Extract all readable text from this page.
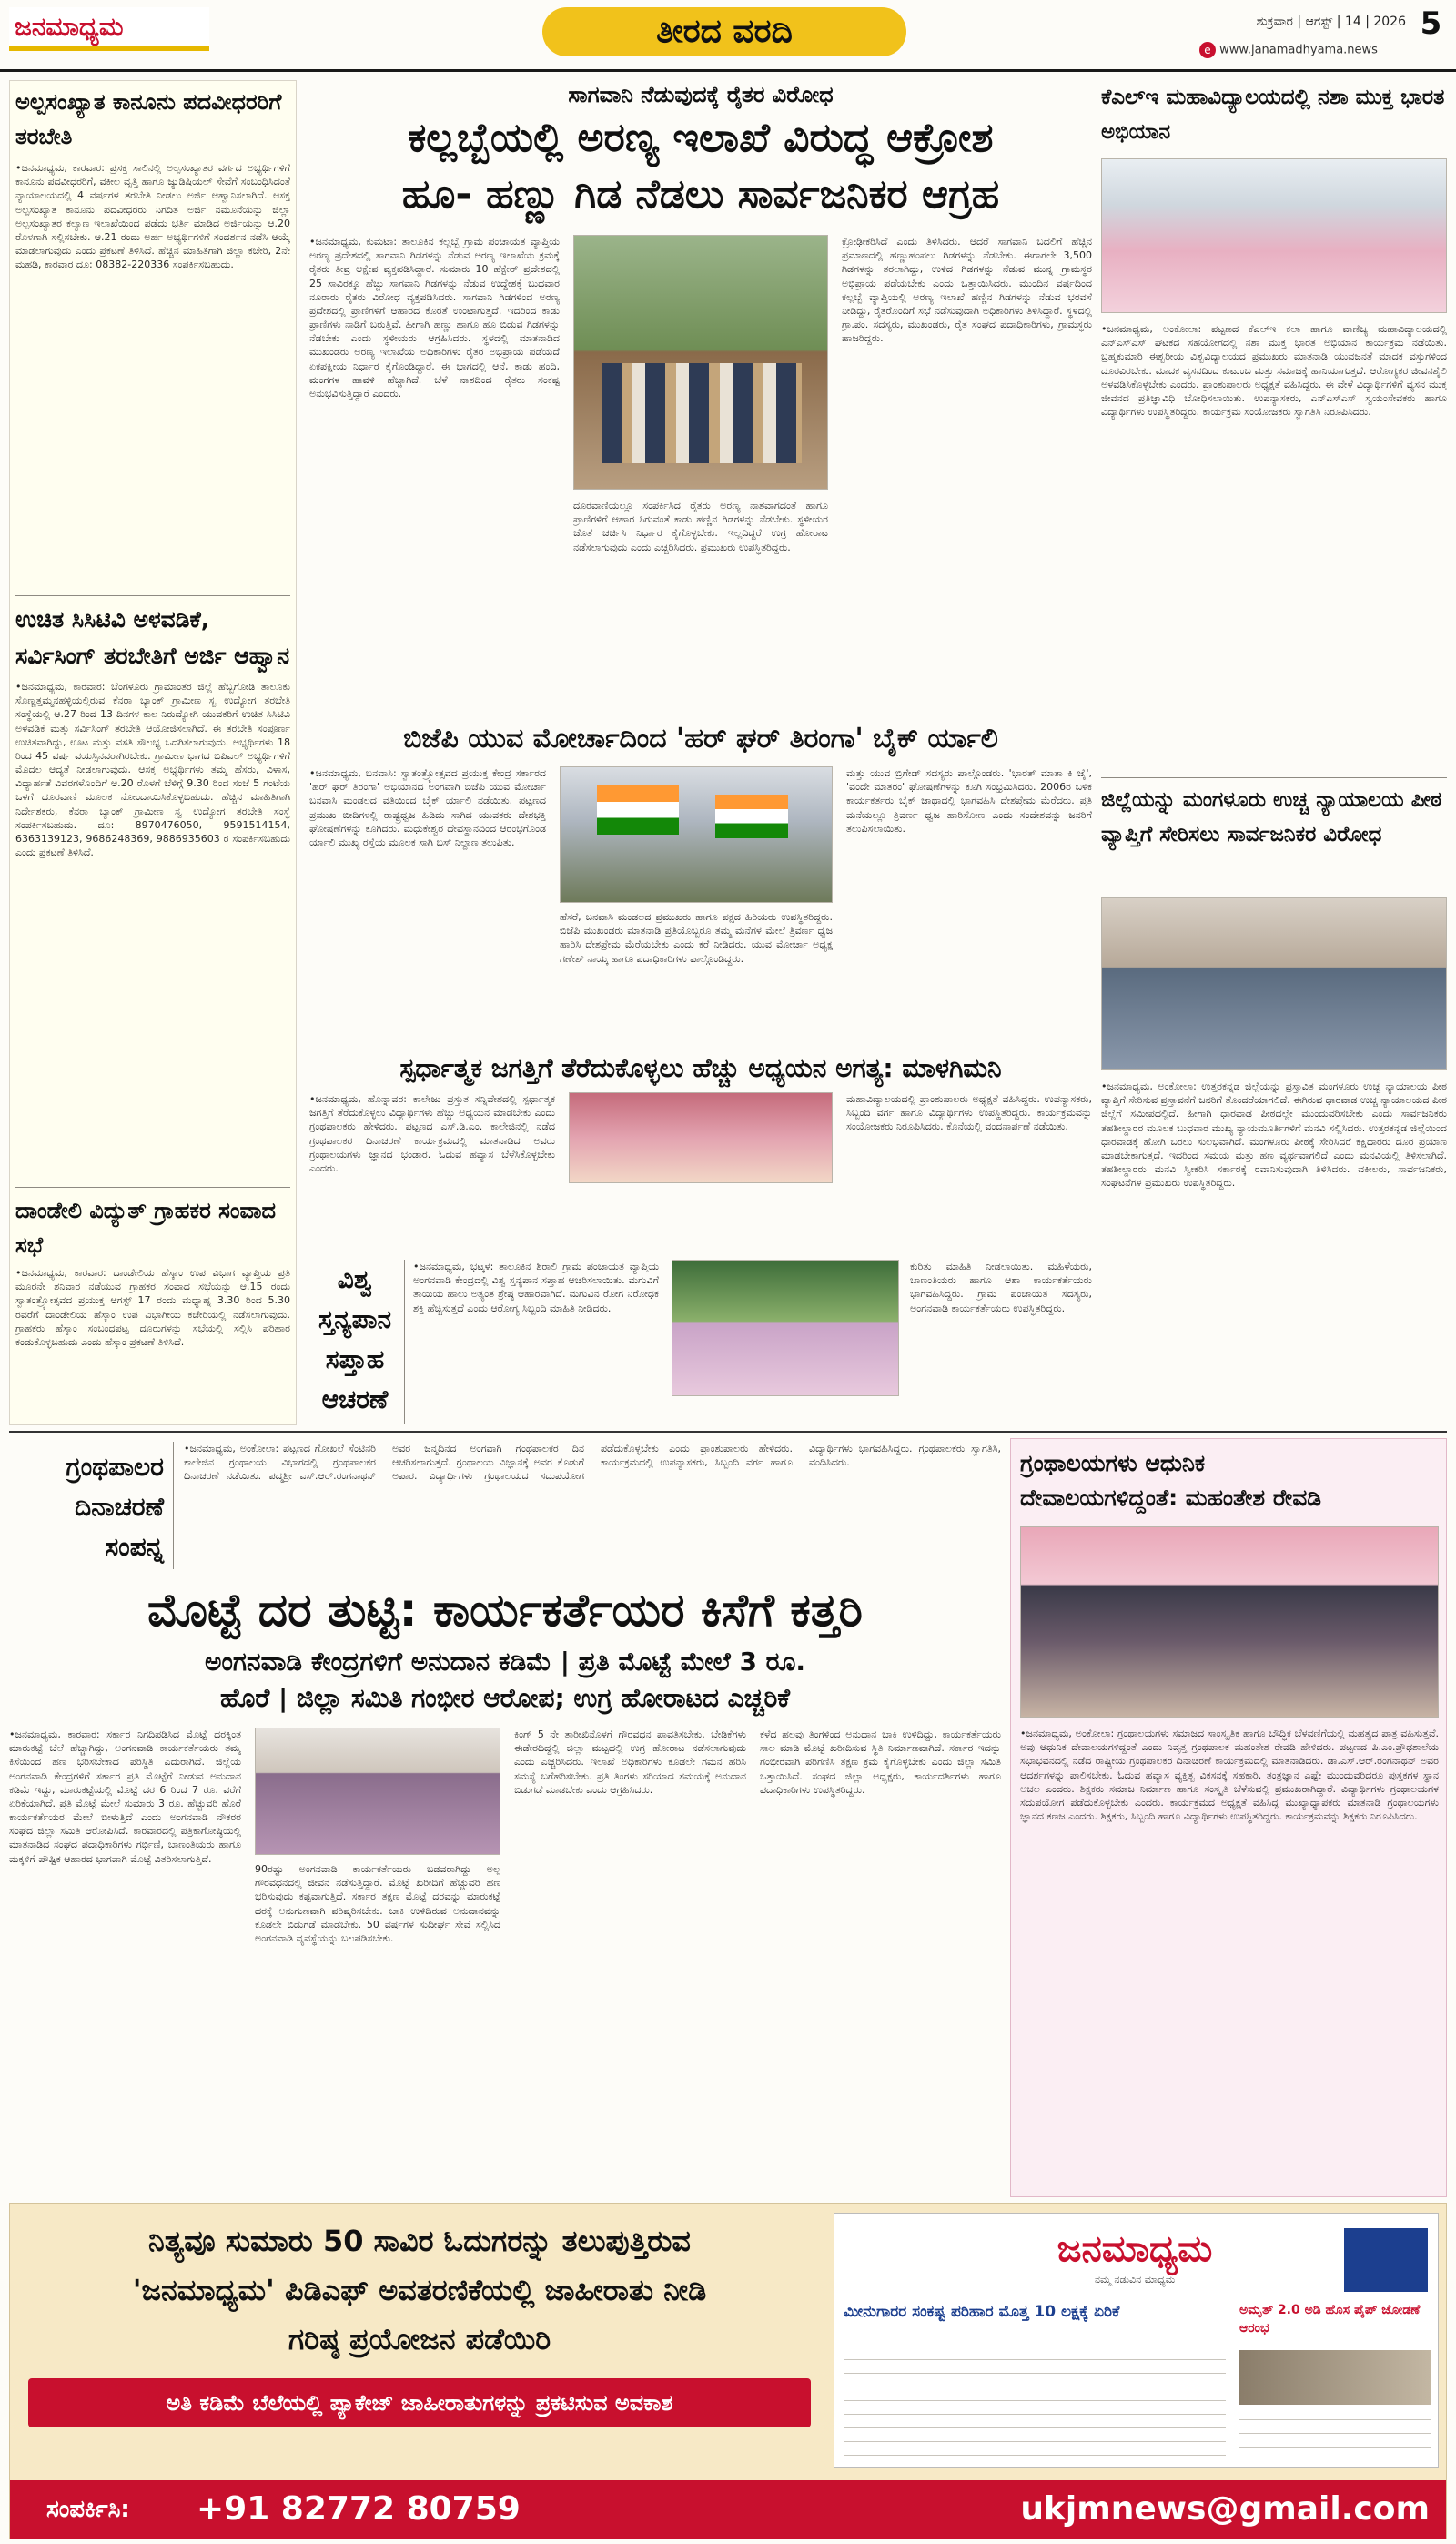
ಜನಮಾಧ್ಯಮ	ತೀರದ ವರದಿ	ಶುಕ್ರವಾರ | ಆಗಸ್ಟ್ | 14 | 2026 5
e www.janamadhyama.news
ಅಲ್ಪಸಂಖ್ಯಾತ ಕಾನೂನು ಪದವೀಧರರಿಗೆ ತರಬೇತಿ
•ಜನಮಾಧ್ಯಮ, ಕಾರವಾರ: ಪ್ರಸಕ್ತ ಸಾಲಿನಲ್ಲಿ ಅಲ್ಪಸಂಖ್ಯಾತರ ವರ್ಗದ ಅಭ್ಯರ್ಥಿಗಳಿಗೆ ಕಾನೂನು ಪದವೀಧರರಿಗೆ, ವಕೀಲ ವೃತ್ತಿ ಹಾಗೂ ಜ್ಯುಡಿಷಿಯಲ್ ಸೇವೆಗೆ ಸಂಬಂಧಿಸಿದಂತೆ ನ್ಯಾಯಾಲಯದಲ್ಲಿ 4 ವರ್ಷಗಳ ತರಬೇತಿ ನೀಡಲು ಅರ್ಜಿ ಆಹ್ವಾನಿಸಲಾಗಿದೆ. ಆಸಕ್ತ ಅಲ್ಪಸಂಖ್ಯಾತ ಕಾನೂನು ಪದವೀಧರರು ನಿಗದಿತ ಅರ್ಜಿ ನಮೂನೆಯನ್ನು ಜಿಲ್ಲಾ ಅಲ್ಪಸಂಖ್ಯಾತರ ಕಲ್ಯಾಣ ಇಲಾಖೆಯಿಂದ ಪಡೆದು ಭರ್ತಿ ಮಾಡಿದ ಅರ್ಜಿಯನ್ನು ಆ.20 ರೊಳಗಾಗಿ ಸಲ್ಲಿಸಬೇಕು. ಆ.21 ರಂದು ಅರ್ಹ ಅಭ್ಯರ್ಥಿಗಳಿಗೆ ಸಂದರ್ಶನ ನಡೆಸಿ ಆಯ್ಕೆ ಮಾಡಲಾಗುವುದು ಎಂದು ಪ್ರಕಟಣೆ ತಿಳಿಸಿದೆ. ಹೆಚ್ಚಿನ ಮಾಹಿತಿಗಾಗಿ ಜಿಲ್ಲಾ ಕಚೇರಿ, 2ನೇ ಮಹಡಿ, ಕಾರವಾರ ದೂ: 08382-220336 ಸಂಪರ್ಕಿಸಬಹುದು.
ಉಚಿತ ಸಿಸಿಟಿವಿ ಅಳವಡಿಕೆ, ಸರ್ವಿಸಿಂಗ್ ತರಬೇತಿಗೆ ಅರ್ಜಿ ಆಹ್ವಾನ
•ಜನಮಾಧ್ಯಮ, ಕಾರವಾರ: ಬೆಂಗಳೂರು ಗ್ರಾಮಾಂತರ ಜಿಲ್ಲೆ ಹೆಬ್ಬಗೋಡಿ ತಾಲೂಕು ಸೊಣ್ಣತ್ತಮ್ಮನಹಳ್ಳಿಯಲ್ಲಿರುವ ಕೆನರಾ ಬ್ಯಾಂಕ್ ಗ್ರಾಮೀಣ ಸ್ವ ಉದ್ಯೋಗ ತರಬೇತಿ ಸಂಸ್ಥೆಯಲ್ಲಿ ಆ.27 ರಿಂದ 13 ದಿನಗಳ ಕಾಲ ನಿರುದ್ಯೋಗಿ ಯುವಕರಿಗೆ ಉಚಿತ ಸಿಸಿಟಿವಿ ಅಳವಡಿಕೆ ಮತ್ತು ಸರ್ವಿಸಿಂಗ್ ತರಬೇತಿ ಆಯೋಜಿಸಲಾಗಿದೆ. ಈ ತರಬೇತಿ ಸಂಪೂರ್ಣ ಉಚಿತವಾಗಿದ್ದು, ಊಟ ಮತ್ತು ವಸತಿ ಸೌಲಭ್ಯ ಒದಗಿಸಲಾಗುವುದು. ಅಭ್ಯರ್ಥಿಗಳು 18 ರಿಂದ 45 ವರ್ಷ ವಯಸ್ಸಿನವರಾಗಿರಬೇಕು. ಗ್ರಾಮೀಣ ಭಾಗದ ಬಿಪಿಎಲ್ ಅಭ್ಯರ್ಥಿಗಳಿಗೆ ಮೊದಲ ಆದ್ಯತೆ ನೀಡಲಾಗುವುದು. ಆಸಕ್ತ ಅಭ್ಯರ್ಥಿಗಳು ತಮ್ಮ ಹೆಸರು, ವಿಳಾಸ, ವಿದ್ಯಾರ್ಹತೆ ವಿವರಗಳೊಂದಿಗೆ ಆ.20 ರೊಳಗೆ ಬೆಳಿಗ್ಗೆ 9.30 ರಿಂದ ಸಂಜೆ 5 ಗಂಟೆಯ ಒಳಗೆ ದೂರವಾಣಿ ಮೂಲಕ ನೋಂದಾಯಿಸಿಕೊಳ್ಳಬಹುದು. ಹೆಚ್ಚಿನ ಮಾಹಿತಿಗಾಗಿ ನಿರ್ದೇಶಕರು, ಕೆನರಾ ಬ್ಯಾಂಕ್ ಗ್ರಾಮೀಣ ಸ್ವ ಉದ್ಯೋಗ ತರಬೇತಿ ಸಂಸ್ಥೆ ಸಂಪರ್ಕಿಸಬಹುದು. ದೂ: 8970476050, 9591514154, 6363139123, 9686248369, 9886935603 ರ ಸಂಪರ್ಕಿಸಬಹುದು ಎಂದು ಪ್ರಕಟಣೆ ತಿಳಿಸಿದೆ.
ದಾಂಡೇಲಿ ವಿದ್ಯುತ್ ಗ್ರಾಹಕರ ಸಂವಾದ ಸಭೆ
•ಜನಮಾಧ್ಯಮ, ಕಾರವಾರ: ದಾಂಡೇಲಿಯ ಹೆಸ್ಕಾಂ ಉಪ ವಿಭಾಗ ವ್ಯಾಪ್ತಿಯ ಪ್ರತಿ ಮೂರನೇ ಶನಿವಾರ ನಡೆಯುವ ಗ್ರಾಹಕರ ಸಂವಾದ ಸಭೆಯನ್ನು ಆ.15 ರಂದು ಸ್ವಾತಂತ್ರ್ಯೋತ್ಸವದ ಪ್ರಯುಕ್ತ ಆಗಸ್ಟ್ 17 ರಂದು ಮಧ್ಯಾಹ್ನ 3.30 ರಿಂದ 5.30 ರವರೆಗೆ ದಾಂಡೇಲಿಯ ಹೆಸ್ಕಾಂ ಉಪ ವಿಭಾಗೀಯ ಕಚೇರಿಯಲ್ಲಿ ನಡೆಸಲಾಗುವುದು. ಗ್ರಾಹಕರು ಹೆಸ್ಕಾಂ ಸಂಬಂಧಪಟ್ಟ ದೂರುಗಳನ್ನು ಸಭೆಯಲ್ಲಿ ಸಲ್ಲಿಸಿ ಪರಿಹಾರ ಕಂಡುಕೊಳ್ಳಬಹುದು ಎಂದು ಹೆಸ್ಕಾಂ ಪ್ರಕಟಣೆ ತಿಳಿಸಿದೆ.
ಸಾಗವಾನಿ ನೆಡುವುದಕ್ಕೆ ರೈತರ ವಿರೋಧ
ಕಲ್ಲಬ್ಬೆಯಲ್ಲಿ ಅರಣ್ಯ ಇಲಾಖೆ ವಿರುದ್ಧ ಆಕ್ರೋಶ
ಹೂ- ಹಣ್ಣು ಗಿಡ ನೆಡಲು ಸಾರ್ವಜನಿಕರ ಆಗ್ರಹ
•ಜನಮಾಧ್ಯಮ, ಕುಮಟಾ: ತಾಲೂಕಿನ ಕಲ್ಲಬ್ಬೆ ಗ್ರಾಮ ಪಂಚಾಯತ ವ್ಯಾಪ್ತಿಯ ಅರಣ್ಯ ಪ್ರದೇಶದಲ್ಲಿ ಸಾಗವಾನಿ ಗಿಡಗಳನ್ನು ನೆಡುವ ಅರಣ್ಯ ಇಲಾಖೆಯ ಕ್ರಮಕ್ಕೆ ರೈತರು ತೀವ್ರ ಆಕ್ಷೇಪ ವ್ಯಕ್ತಪಡಿಸಿದ್ದಾರೆ. ಸುಮಾರು 10 ಹೆಕ್ಟೇರ್ ಪ್ರದೇಶದಲ್ಲಿ 25 ಸಾವಿರಕ್ಕೂ ಹೆಚ್ಚು ಸಾಗವಾನಿ ಗಿಡಗಳನ್ನು ನೆಡುವ ಉದ್ದೇಶಕ್ಕೆ ಬುಧವಾರ ನೂರಾರು ರೈತರು ವಿರೋಧ ವ್ಯಕ್ತಪಡಿಸಿದರು. ಸಾಗವಾನಿ ಗಿಡಗಳಿಂದ ಅರಣ್ಯ ಪ್ರದೇಶದಲ್ಲಿ ಪ್ರಾಣಿಗಳಿಗೆ ಆಹಾರದ ಕೊರತೆ ಉಂಟಾಗುತ್ತದೆ. ಇದರಿಂದ ಕಾಡು ಪ್ರಾಣಿಗಳು ನಾಡಿಗೆ ಬರುತ್ತಿವೆ. ಹೀಗಾಗಿ ಹಣ್ಣು ಹಾಗೂ ಹೂ ಬಿಡುವ ಗಿಡಗಳನ್ನು ನೆಡಬೇಕು ಎಂದು ಸ್ಥಳೀಯರು ಆಗ್ರಹಿಸಿದರು. ಸ್ಥಳದಲ್ಲಿ ಮಾತನಾಡಿದ ಮುಖಂಡರು ಅರಣ್ಯ ಇಲಾಖೆಯ ಅಧಿಕಾರಿಗಳು ರೈತರ ಅಭಿಪ್ರಾಯ ಪಡೆಯದೆ ಏಕಪಕ್ಷೀಯ ನಿರ್ಧಾರ ಕೈಗೊಂಡಿದ್ದಾರೆ. ಈ ಭಾಗದಲ್ಲಿ ಆನೆ, ಕಾಡು ಹಂದಿ, ಮಂಗಗಳ ಹಾವಳಿ ಹೆಚ್ಚಾಗಿದೆ. ಬೆಳೆ ನಾಶದಿಂದ ರೈತರು ಸಂಕಷ್ಟ ಅನುಭವಿಸುತ್ತಿದ್ದಾರೆ ಎಂದರು.
ದೂರವಾಣಿಯಲ್ಲೂ ಸಂಪರ್ಕಿಸಿದ ರೈತರು ಅರಣ್ಯ ನಾಶವಾಗದಂತೆ ಹಾಗೂ ಪ್ರಾಣಿಗಳಿಗೆ ಆಹಾರ ಸಿಗುವಂತೆ ಕಾಡು ಹಣ್ಣಿನ ಗಿಡಗಳನ್ನು ನೆಡಬೇಕು. ಸ್ಥಳೀಯರ ಜೊತೆ ಚರ್ಚಿಸಿ ನಿರ್ಧಾರ ಕೈಗೊಳ್ಳಬೇಕು. ಇಲ್ಲದಿದ್ದರೆ ಉಗ್ರ ಹೋರಾಟ ನಡೆಸಲಾಗುವುದು ಎಂದು ಎಚ್ಚರಿಸಿದರು. ಪ್ರಮುಖರು ಉಪಸ್ಥಿತರಿದ್ದರು.
ಕ್ರೋಢೀಕರಿಸಿದೆ ಎಂದು ತಿಳಿಸಿದರು. ಆದರೆ ಸಾಗವಾನಿ ಬದಲಿಗೆ ಹೆಚ್ಚಿನ ಪ್ರಮಾಣದಲ್ಲಿ ಹಣ್ಣುಹಂಪಲು ಗಿಡಗಳನ್ನು ನೆಡಬೇಕು. ಈಗಾಗಲೇ 3,500 ಗಿಡಗಳನ್ನು ತರಲಾಗಿದ್ದು, ಉಳಿದ ಗಿಡಗಳನ್ನು ನೆಡುವ ಮುನ್ನ ಗ್ರಾಮಸ್ಥರ ಅಭಿಪ್ರಾಯ ಪಡೆಯಬೇಕು ಎಂದು ಒತ್ತಾಯಿಸಿದರು. ಮುಂದಿನ ವರ್ಷದಿಂದ ಕಲ್ಲಬ್ಬೆ ವ್ಯಾಪ್ತಿಯಲ್ಲಿ ಅರಣ್ಯ ಇಲಾಖೆ ಹಣ್ಣಿನ ಗಿಡಗಳನ್ನು ನೆಡುವ ಭರವಸೆ ನೀಡಿದ್ದು, ರೈತರೊಂದಿಗೆ ಸಭೆ ನಡೆಸುವುದಾಗಿ ಅಧಿಕಾರಿಗಳು ತಿಳಿಸಿದ್ದಾರೆ. ಸ್ಥಳದಲ್ಲಿ ಗ್ರಾ.ಪಂ. ಸದಸ್ಯರು, ಮುಖಂಡರು, ರೈತ ಸಂಘದ ಪದಾಧಿಕಾರಿಗಳು, ಗ್ರಾಮಸ್ಥರು ಹಾಜರಿದ್ದರು.
ಬಿಜೆಪಿ ಯುವ ಮೋರ್ಚಾದಿಂದ 'ಹರ್ ಘರ್ ತಿರಂಗಾ' ಬೈಕ್ ರ್ಯಾಲಿ
•ಜನಮಾಧ್ಯಮ, ಬನವಾಸಿ: ಸ್ವಾತಂತ್ರ್ಯೋತ್ಸವದ ಪ್ರಯುಕ್ತ ಕೇಂದ್ರ ಸರ್ಕಾರದ 'ಹರ್ ಘರ್ ತಿರಂಗಾ' ಅಭಿಯಾನದ ಅಂಗವಾಗಿ ಬಿಜೆಪಿ ಯುವ ಮೋರ್ಚಾ ಬನವಾಸಿ ಮಂಡಲದ ವತಿಯಿಂದ ಬೈಕ್ ರ್ಯಾಲಿ ನಡೆಯಿತು. ಪಟ್ಟಣದ ಪ್ರಮುಖ ಬೀದಿಗಳಲ್ಲಿ ರಾಷ್ಟ್ರಧ್ವಜ ಹಿಡಿದು ಸಾಗಿದ ಯುವಕರು ದೇಶಭಕ್ತಿ ಘೋಷಣೆಗಳನ್ನು ಕೂಗಿದರು. ಮಧುಕೇಶ್ವರ ದೇವಸ್ಥಾನದಿಂದ ಆರಂಭಗೊಂಡ ರ್ಯಾಲಿ ಮುಖ್ಯ ರಸ್ತೆಯ ಮೂಲಕ ಸಾಗಿ ಬಸ್ ನಿಲ್ದಾಣ ತಲುಪಿತು.
ಹೆಸರೆ, ಬನವಾಸಿ ಮಂಡಲದ ಪ್ರಮುಖರು ಹಾಗೂ ಪಕ್ಷದ ಹಿರಿಯರು ಉಪಸ್ಥಿತರಿದ್ದರು. ಬಿಜೆಪಿ ಮುಖಂಡರು ಮಾತನಾಡಿ ಪ್ರತಿಯೊಬ್ಬರೂ ತಮ್ಮ ಮನೆಗಳ ಮೇಲೆ ತ್ರಿವರ್ಣ ಧ್ವಜ ಹಾರಿಸಿ ದೇಶಪ್ರೇಮ ಮೆರೆಯಬೇಕು ಎಂದು ಕರೆ ನೀಡಿದರು. ಯುವ ಮೋರ್ಚಾ ಅಧ್ಯಕ್ಷ ಗಣೇಶ್ ನಾಯ್ಕ ಹಾಗೂ ಪದಾಧಿಕಾರಿಗಳು ಪಾಲ್ಗೊಂಡಿದ್ದರು.
ಮತ್ತು ಯುವ ಬ್ರಿಗೇಡ್ ಸದಸ್ಯರು ಪಾಲ್ಗೊಂಡರು. 'ಭಾರತ್ ಮಾತಾ ಕಿ ಜೈ', 'ವಂದೇ ಮಾತರಂ' ಘೋಷಣೆಗಳನ್ನು ಕೂಗಿ ಸಂಭ್ರಮಿಸಿದರು. 2006ರ ಬಳಿಕ ಕಾರ್ಯಕರ್ತರು ಬೈಕ್ ಜಾಥಾದಲ್ಲಿ ಭಾಗವಹಿಸಿ ದೇಶಪ್ರೇಮ ಮೆರೆದರು. ಪ್ರತಿ ಮನೆಯಲ್ಲೂ ತ್ರಿವರ್ಣ ಧ್ವಜ ಹಾರಿಸೋಣ ಎಂದು ಸಂದೇಶವನ್ನು ಜನರಿಗೆ ತಲುಪಿಸಲಾಯಿತು.
ಸ್ಪರ್ಧಾತ್ಮಕ ಜಗತ್ತಿಗೆ ತೆರೆದುಕೊಳ್ಳಲು ಹೆಚ್ಚು ಅಧ್ಯಯನ ಅಗತ್ಯ: ಮಾಳಗಿಮನಿ
•ಜನಮಾಧ್ಯಮ, ಹೊನ್ನಾವರ: ಕಾಲೇಜು ಪ್ರಸ್ತುತ ಸನ್ನಿವೇಶದಲ್ಲಿ ಸ್ಪರ್ಧಾತ್ಮಕ ಜಗತ್ತಿಗೆ ತೆರೆದುಕೊಳ್ಳಲು ವಿದ್ಯಾರ್ಥಿಗಳು ಹೆಚ್ಚು ಅಧ್ಯಯನ ಮಾಡಬೇಕು ಎಂದು ಗ್ರಂಥಪಾಲಕರು ಹೇಳಿದರು. ಪಟ್ಟಣದ ಎಸ್.ಡಿ.ಎಂ. ಕಾಲೇಜಿನಲ್ಲಿ ನಡೆದ ಗ್ರಂಥಪಾಲಕರ ದಿನಾಚರಣೆ ಕಾರ್ಯಕ್ರಮದಲ್ಲಿ ಮಾತನಾಡಿದ ಅವರು ಗ್ರಂಥಾಲಯಗಳು ಜ್ಞಾನದ ಭಂಡಾರ. ಓದುವ ಹವ್ಯಾಸ ಬೆಳೆಸಿಕೊಳ್ಳಬೇಕು ಎಂದರು.
ಮಹಾವಿದ್ಯಾಲಯದಲ್ಲಿ ಪ್ರಾಂಶುಪಾಲರು ಅಧ್ಯಕ್ಷತೆ ವಹಿಸಿದ್ದರು. ಉಪನ್ಯಾಸಕರು, ಸಿಬ್ಬಂದಿ ವರ್ಗ ಹಾಗೂ ವಿದ್ಯಾರ್ಥಿಗಳು ಉಪಸ್ಥಿತರಿದ್ದರು. ಕಾರ್ಯಕ್ರಮವನ್ನು ಸಂಯೋಜಕರು ನಿರೂಪಿಸಿದರು. ಕೊನೆಯಲ್ಲಿ ವಂದನಾರ್ಪಣೆ ನಡೆಯಿತು.
ವಿಶ್ವ ಸ್ತನ್ಯಪಾನ ಸಪ್ತಾಹ ಆಚರಣೆ
•ಜನಮಾಧ್ಯಮ, ಭಟ್ಕಳ: ತಾಲೂಕಿನ ಶಿರಾಲಿ ಗ್ರಾಮ ಪಂಚಾಯತ ವ್ಯಾಪ್ತಿಯ ಅಂಗನವಾಡಿ ಕೇಂದ್ರದಲ್ಲಿ ವಿಶ್ವ ಸ್ತನ್ಯಪಾನ ಸಪ್ತಾಹ ಆಚರಿಸಲಾಯಿತು. ಮಗುವಿಗೆ ತಾಯಿಯ ಹಾಲು ಅತ್ಯಂತ ಶ್ರೇಷ್ಠ ಆಹಾರವಾಗಿದೆ. ಮಗುವಿನ ರೋಗ ನಿರೋಧಕ ಶಕ್ತಿ ಹೆಚ್ಚಿಸುತ್ತದೆ ಎಂದು ಆರೋಗ್ಯ ಸಿಬ್ಬಂದಿ ಮಾಹಿತಿ ನೀಡಿದರು.
ಕುರಿತು ಮಾಹಿತಿ ನೀಡಲಾಯಿತು. ಮಹಿಳೆಯರು, ಬಾಣಂತಿಯರು ಹಾಗೂ ಆಶಾ ಕಾರ್ಯಕರ್ತೆಯರು ಭಾಗವಹಿಸಿದ್ದರು. ಗ್ರಾಮ ಪಂಚಾಯತ ಸದಸ್ಯರು, ಅಂಗನವಾಡಿ ಕಾರ್ಯಕರ್ತೆಯರು ಉಪಸ್ಥಿತರಿದ್ದರು.
ಕೆಎಲ್‌ಇ ಮಹಾವಿದ್ಯಾಲಯದಲ್ಲಿ ನಶಾ ಮುಕ್ತ ಭಾರತ ಅಭಿಯಾನ
•ಜನಮಾಧ್ಯಮ, ಅಂಕೋಲಾ: ಪಟ್ಟಣದ ಕೆಎಲ್‌ಇ ಕಲಾ ಹಾಗೂ ವಾಣಿಜ್ಯ ಮಹಾವಿದ್ಯಾಲಯದಲ್ಲಿ ಎನ್‌ಎಸ್‌ಎಸ್ ಘಟಕದ ಸಹಯೋಗದಲ್ಲಿ ನಶಾ ಮುಕ್ತ ಭಾರತ ಅಭಿಯಾನ ಕಾರ್ಯಕ್ರಮ ನಡೆಯಿತು. ಬ್ರಹ್ಮಕುಮಾರಿ ಈಶ್ವರೀಯ ವಿಶ್ವವಿದ್ಯಾಲಯದ ಪ್ರಮುಖರು ಮಾತನಾಡಿ ಯುವಜನತೆ ಮಾದಕ ವಸ್ತುಗಳಿಂದ ದೂರವಿರಬೇಕು. ಮಾದಕ ವ್ಯಸನದಿಂದ ಕುಟುಂಬ ಮತ್ತು ಸಮಾಜಕ್ಕೆ ಹಾನಿಯಾಗುತ್ತದೆ. ಆರೋಗ್ಯಕರ ಜೀವನಶೈಲಿ ಅಳವಡಿಸಿಕೊಳ್ಳಬೇಕು ಎಂದರು. ಪ್ರಾಂಶುಪಾಲರು ಅಧ್ಯಕ್ಷತೆ ವಹಿಸಿದ್ದರು. ಈ ವೇಳೆ ವಿದ್ಯಾರ್ಥಿಗಳಿಗೆ ವ್ಯಸನ ಮುಕ್ತ ಜೀವನದ ಪ್ರತಿಜ್ಞಾವಿಧಿ ಬೋಧಿಸಲಾಯಿತು. ಉಪನ್ಯಾಸಕರು, ಎನ್‌ಎಸ್‌ಎಸ್ ಸ್ವಯಂಸೇವಕರು ಹಾಗೂ ವಿದ್ಯಾರ್ಥಿಗಳು ಉಪಸ್ಥಿತರಿದ್ದರು. ಕಾರ್ಯಕ್ರಮ ಸಂಯೋಜಕರು ಸ್ವಾಗತಿಸಿ ನಿರೂಪಿಸಿದರು.
ಜಿಲ್ಲೆಯನ್ನು ಮಂಗಳೂರು ಉಚ್ಚ ನ್ಯಾಯಾಲಯ ಪೀಠ ವ್ಯಾಪ್ತಿಗೆ ಸೇರಿಸಲು ಸಾರ್ವಜನಿಕರ ವಿರೋಧ
•ಜನಮಾಧ್ಯಮ, ಅಂಕೋಲಾ: ಉತ್ತರಕನ್ನಡ ಜಿಲ್ಲೆಯನ್ನು ಪ್ರಸ್ತಾವಿತ ಮಂಗಳೂರು ಉಚ್ಚ ನ್ಯಾಯಾಲಯ ಪೀಠ ವ್ಯಾಪ್ತಿಗೆ ಸೇರಿಸುವ ಪ್ರಸ್ತಾವನೆಗೆ ಜನರಿಗೆ ತೊಂದರೆಯಾಗಲಿದೆ. ಈಗಿರುವ ಧಾರವಾಡ ಉಚ್ಚ ನ್ಯಾಯಾಲಯದ ಪೀಠ ಜಿಲ್ಲೆಗೆ ಸಮೀಪದಲ್ಲಿದೆ. ಹೀಗಾಗಿ ಧಾರವಾಡ ಪೀಠದಲ್ಲೇ ಮುಂದುವರಿಸಬೇಕು ಎಂದು ಸಾರ್ವಜನಿಕರು ತಹಶೀಲ್ದಾರರ ಮೂಲಕ ಬುಧವಾರ ಮುಖ್ಯ ನ್ಯಾಯಮೂರ್ತಿಗಳಿಗೆ ಮನವಿ ಸಲ್ಲಿಸಿದರು. ಉತ್ತರಕನ್ನಡ ಜಿಲ್ಲೆಯಿಂದ ಧಾರವಾಡಕ್ಕೆ ಹೋಗಿ ಬರಲು ಸುಲಭವಾಗಿದೆ. ಮಂಗಳೂರು ಪೀಠಕ್ಕೆ ಸೇರಿಸಿದರೆ ಕಕ್ಷಿದಾರರು ದೂರ ಪ್ರಯಾಣ ಮಾಡಬೇಕಾಗುತ್ತದೆ. ಇದರಿಂದ ಸಮಯ ಮತ್ತು ಹಣ ವ್ಯರ್ಥವಾಗಲಿದೆ ಎಂದು ಮನವಿಯಲ್ಲಿ ತಿಳಿಸಲಾಗಿದೆ. ತಹಶೀಲ್ದಾರರು ಮನವಿ ಸ್ವೀಕರಿಸಿ ಸರ್ಕಾರಕ್ಕೆ ರವಾನಿಸುವುದಾಗಿ ತಿಳಿಸಿದರು. ವಕೀಲರು, ಸಾರ್ವಜನಿಕರು, ಸಂಘಟನೆಗಳ ಪ್ರಮುಖರು ಉಪಸ್ಥಿತರಿದ್ದರು.
ಗ್ರಂಥಪಾಲರ ದಿನಾಚರಣೆ ಸಂಪನ್ನ
•ಜನಮಾಧ್ಯಮ, ಅಂಕೋಲಾ: ಪಟ್ಟಣದ ಗೋಖಲೆ ಸೆಂಟಿನರಿ ಕಾಲೇಜಿನ ಗ್ರಂಥಾಲಯ ವಿಭಾಗದಲ್ಲಿ ಗ್ರಂಥಪಾಲಕರ ದಿನಾಚರಣೆ ನಡೆಯಿತು. ಪದ್ಮಶ್ರೀ ಎಸ್.ಆರ್.ರಂಗನಾಥನ್ ಅವರ ಜನ್ಮದಿನದ ಅಂಗವಾಗಿ ಗ್ರಂಥಪಾಲಕರ ದಿನ ಆಚರಿಸಲಾಗುತ್ತದೆ. ಗ್ರಂಥಾಲಯ ವಿಜ್ಞಾನಕ್ಕೆ ಅವರ ಕೊಡುಗೆ ಅಪಾರ. ವಿದ್ಯಾರ್ಥಿಗಳು ಗ್ರಂಥಾಲಯದ ಸದುಪಯೋಗ ಪಡೆದುಕೊಳ್ಳಬೇಕು ಎಂದು ಪ್ರಾಂಶುಪಾಲರು ಹೇಳಿದರು. ಕಾರ್ಯಕ್ರಮದಲ್ಲಿ ಉಪನ್ಯಾಸಕರು, ಸಿಬ್ಬಂದಿ ವರ್ಗ ಹಾಗೂ ವಿದ್ಯಾರ್ಥಿಗಳು ಭಾಗವಹಿಸಿದ್ದರು. ಗ್ರಂಥಪಾಲಕರು ಸ್ವಾಗತಿಸಿ, ವಂದಿಸಿದರು.
ಮೊಟ್ಟೆ ದರ ತುಟ್ಟಿ: ಕಾರ್ಯಕರ್ತೆಯರ ಕಿಸೆಗೆ ಕತ್ತರಿ
ಅಂಗನವಾಡಿ ಕೇಂದ್ರಗಳಿಗೆ ಅನುದಾನ ಕಡಿಮೆ | ಪ್ರತಿ ಮೊಟ್ಟೆ ಮೇಲೆ 3 ರೂ.
ಹೊರೆ | ಜಿಲ್ಲಾ ಸಮಿತಿ ಗಂಭೀರ ಆರೋಪ; ಉಗ್ರ ಹೋರಾಟದ ಎಚ್ಚರಿಕೆ
•ಜನಮಾಧ್ಯಮ, ಕಾರವಾರ: ಸರ್ಕಾರ ನಿಗದಿಪಡಿಸಿದ ಮೊಟ್ಟೆ ದರಕ್ಕಿಂತ ಮಾರುಕಟ್ಟೆ ಬೆಲೆ ಹೆಚ್ಚಾಗಿದ್ದು, ಅಂಗನವಾಡಿ ಕಾರ್ಯಕರ್ತೆಯರು ತಮ್ಮ ಕಿಸೆಯಿಂದ ಹಣ ಭರಿಸಬೇಕಾದ ಪರಿಸ್ಥಿತಿ ಎದುರಾಗಿದೆ. ಜಿಲ್ಲೆಯ ಅಂಗನವಾಡಿ ಕೇಂದ್ರಗಳಿಗೆ ಸರ್ಕಾರ ಪ್ರತಿ ಮೊಟ್ಟೆಗೆ ನೀಡುವ ಅನುದಾನ ಕಡಿಮೆ ಇದ್ದು, ಮಾರುಕಟ್ಟೆಯಲ್ಲಿ ಮೊಟ್ಟೆ ದರ 6 ರಿಂದ 7 ರೂ. ವರೆಗೆ ಏರಿಕೆಯಾಗಿದೆ. ಪ್ರತಿ ಮೊಟ್ಟೆ ಮೇಲೆ ಸುಮಾರು 3 ರೂ. ಹೆಚ್ಚುವರಿ ಹೊರೆ ಕಾರ್ಯಕರ್ತೆಯರ ಮೇಲೆ ಬೀಳುತ್ತಿದೆ ಎಂದು ಅಂಗನವಾಡಿ ನೌಕರರ ಸಂಘದ ಜಿಲ್ಲಾ ಸಮಿತಿ ಆರೋಪಿಸಿದೆ. ಕಾರವಾರದಲ್ಲಿ ಪತ್ರಿಕಾಗೋಷ್ಠಿಯಲ್ಲಿ ಮಾತನಾಡಿದ ಸಂಘದ ಪದಾಧಿಕಾರಿಗಳು ಗರ್ಭಿಣಿ, ಬಾಣಂತಿಯರು ಹಾಗೂ ಮಕ್ಕಳಿಗೆ ಪೌಷ್ಟಿಕ ಆಹಾರದ ಭಾಗವಾಗಿ ಮೊಟ್ಟೆ ವಿತರಿಸಲಾಗುತ್ತಿದೆ.
90ರಷ್ಟು ಅಂಗನವಾಡಿ ಕಾರ್ಯಕರ್ತೆಯರು ಬಡವರಾಗಿದ್ದು ಅಲ್ಪ ಗೌರವಧನದಲ್ಲಿ ಜೀವನ ನಡೆಸುತ್ತಿದ್ದಾರೆ. ಮೊಟ್ಟೆ ಖರೀದಿಗೆ ಹೆಚ್ಚುವರಿ ಹಣ ಭರಿಸುವುದು ಕಷ್ಟವಾಗುತ್ತಿದೆ. ಸರ್ಕಾರ ತಕ್ಷಣ ಮೊಟ್ಟೆ ದರವನ್ನು ಮಾರುಕಟ್ಟೆ ದರಕ್ಕೆ ಅನುಗುಣವಾಗಿ ಪರಿಷ್ಕರಿಸಬೇಕು. ಬಾಕಿ ಉಳಿದಿರುವ ಅನುದಾನವನ್ನು ಕೂಡಲೇ ಬಿಡುಗಡೆ ಮಾಡಬೇಕು. 50 ವರ್ಷಗಳ ಸುದೀರ್ಘ ಸೇವೆ ಸಲ್ಲಿಸಿದ ಅಂಗನವಾಡಿ ವ್ಯವಸ್ಥೆಯನ್ನು ಬಲಪಡಿಸಬೇಕು.
ಕಿಂಗ್ 5 ನೇ ತಾರೀಖಿನೊಳಗೆ ಗೌರವಧನ ಪಾವತಿಸಬೇಕು. ಬೇಡಿಕೆಗಳು ಈಡೇರದಿದ್ದಲ್ಲಿ ಜಿಲ್ಲಾ ಮಟ್ಟದಲ್ಲಿ ಉಗ್ರ ಹೋರಾಟ ನಡೆಸಲಾಗುವುದು ಎಂದು ಎಚ್ಚರಿಸಿದರು. ಇಲಾಖೆ ಅಧಿಕಾರಿಗಳು ಕೂಡಲೇ ಗಮನ ಹರಿಸಿ ಸಮಸ್ಯೆ ಬಗೆಹರಿಸಬೇಕು. ಪ್ರತಿ ತಿಂಗಳು ಸರಿಯಾದ ಸಮಯಕ್ಕೆ ಅನುದಾನ ಬಿಡುಗಡೆ ಮಾಡಬೇಕು ಎಂದು ಆಗ್ರಹಿಸಿದರು.
ಕಳೆದ ಹಲವು ತಿಂಗಳಿಂದ ಅನುದಾನ ಬಾಕಿ ಉಳಿದಿದ್ದು, ಕಾರ್ಯಕರ್ತೆಯರು ಸಾಲ ಮಾಡಿ ಮೊಟ್ಟೆ ಖರೀದಿಸುವ ಸ್ಥಿತಿ ನಿರ್ಮಾಣವಾಗಿದೆ. ಸರ್ಕಾರ ಇದನ್ನು ಗಂಭೀರವಾಗಿ ಪರಿಗಣಿಸಿ ತಕ್ಷಣ ಕ್ರಮ ಕೈಗೊಳ್ಳಬೇಕು ಎಂದು ಜಿಲ್ಲಾ ಸಮಿತಿ ಒತ್ತಾಯಿಸಿದೆ. ಸಂಘದ ಜಿಲ್ಲಾ ಅಧ್ಯಕ್ಷರು, ಕಾರ್ಯದರ್ಶಿಗಳು ಹಾಗೂ ಪದಾಧಿಕಾರಿಗಳು ಉಪಸ್ಥಿತರಿದ್ದರು.
ಗ್ರಂಥಾಲಯಗಳು ಆಧುನಿಕ
ದೇವಾಲಯಗಳಿದ್ದಂತೆ: ಮಹಂತೇಶ ರೇವಡಿ
•ಜನಮಾಧ್ಯಮ, ಅಂಕೋಲಾ: ಗ್ರಂಥಾಲಯಗಳು ಸಮಾಜದ ಸಾಂಸ್ಕೃತಿಕ ಹಾಗೂ ಬೌದ್ಧಿಕ ಬೆಳವಣಿಗೆಯಲ್ಲಿ ಮಹತ್ವದ ಪಾತ್ರ ವಹಿಸುತ್ತವೆ. ಅವು ಆಧುನಿಕ ದೇವಾಲಯಗಳಿದ್ದಂತೆ ಎಂದು ನಿವೃತ್ತ ಗ್ರಂಥಪಾಲಕ ಮಹಂತೇಶ ರೇವಡಿ ಹೇಳಿದರು. ಪಟ್ಟಣದ ಪಿ.ಎಂ.ಪ್ರೌಢಶಾಲೆಯ ಸಭಾಭವನದಲ್ಲಿ ನಡೆದ ರಾಷ್ಟ್ರೀಯ ಗ್ರಂಥಪಾಲಕರ ದಿನಾಚರಣೆ ಕಾರ್ಯಕ್ರಮದಲ್ಲಿ ಮಾತನಾಡಿದರು. ಡಾ.ಎಸ್.ಆರ್.ರಂಗನಾಥನ್ ಅವರ ಆದರ್ಶಗಳನ್ನು ಪಾಲಿಸಬೇಕು. ಓದುವ ಹವ್ಯಾಸ ವ್ಯಕ್ತಿತ್ವ ವಿಕಸನಕ್ಕೆ ಸಹಕಾರಿ. ತಂತ್ರಜ್ಞಾನ ಎಷ್ಟೇ ಮುಂದುವರಿದರೂ ಪುಸ್ತಕಗಳ ಸ್ಥಾನ ಅಚಲ ಎಂದರು. ಶಿಕ್ಷಕರು ಸಮಾಜ ನಿರ್ಮಾಣ ಹಾಗೂ ಸಂಸ್ಕೃತಿ ಬೆಳೆಸುವಲ್ಲಿ ಪ್ರಮುಖರಾಗಿದ್ದಾರೆ. ವಿದ್ಯಾರ್ಥಿಗಳು ಗ್ರಂಥಾಲಯಗಳ ಸದುಪಯೋಗ ಪಡೆದುಕೊಳ್ಳಬೇಕು ಎಂದರು. ಕಾರ್ಯಕ್ರಮದ ಅಧ್ಯಕ್ಷತೆ ವಹಿಸಿದ್ದ ಮುಖ್ಯಾಧ್ಯಾಪಕರು ಮಾತನಾಡಿ ಗ್ರಂಥಾಲಯಗಳು ಜ್ಞಾನದ ಕಣಜ ಎಂದರು. ಶಿಕ್ಷಕರು, ಸಿಬ್ಬಂದಿ ಹಾಗೂ ವಿದ್ಯಾರ್ಥಿಗಳು ಉಪಸ್ಥಿತರಿದ್ದರು. ಕಾರ್ಯಕ್ರಮವನ್ನು ಶಿಕ್ಷಕರು ನಿರೂಪಿಸಿದರು.
ನಿತ್ಯವೂ ಸುಮಾರು 50 ಸಾವಿರ ಓದುಗರನ್ನು ತಲುಪುತ್ತಿರುವ
'ಜನಮಾಧ್ಯಮ' ಪಿಡಿಎಫ್ ಅವತರಣಿಕೆಯಲ್ಲಿ ಜಾಹೀರಾತು ನೀಡಿ
ಗರಿಷ್ಠ ಪ್ರಯೋಜನ ಪಡೆಯಿರಿ
ಅತಿ ಕಡಿಮೆ ಬೆಲೆಯಲ್ಲಿ ಪ್ಯಾಕೇಜ್ ಜಾಹೀರಾತುಗಳನ್ನು ಪ್ರಕಟಿಸುವ ಅವಕಾಶ
ಜನಮಾಧ್ಯಮ
ನಮ್ಮ ನಡುವಿನ ಮಾಧ್ಯಮ
ಮೀನುಗಾರರ ಸಂಕಷ್ಟ ಪರಿಹಾರ ಮೊತ್ತ 10 ಲಕ್ಷಕ್ಕೆ ಏರಿಕೆ	ಅಮೃತ್ 2.0 ಅಡಿ ಹೊಸ ಪೈಪ್ ಜೋಡಣೆ ಆರಂಭ
ಸಂಪರ್ಕಿಸಿ:	+91 82772 80759	ukjmnews@gmail.com
